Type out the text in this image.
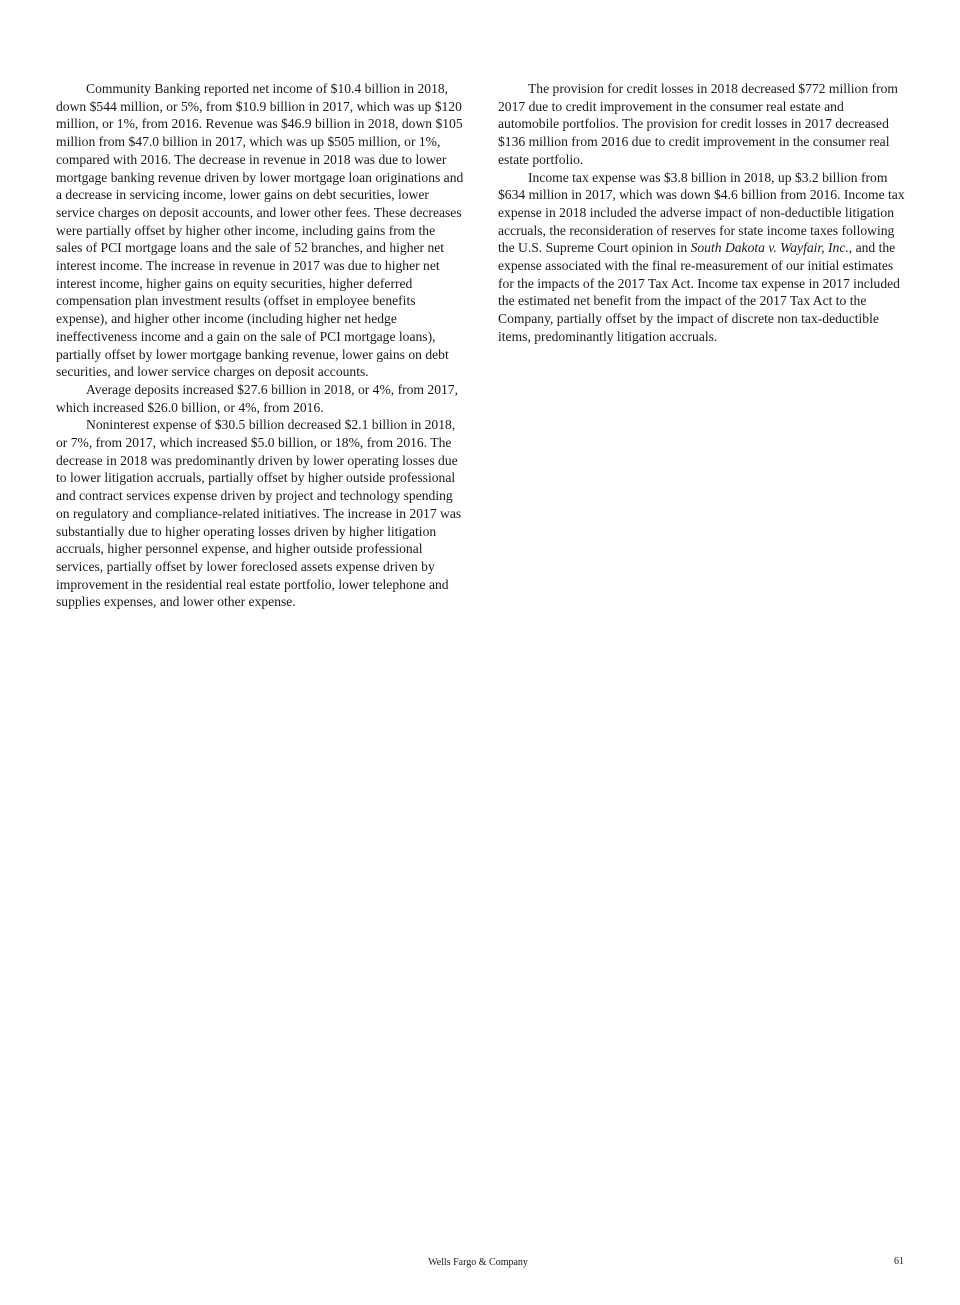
Community Banking reported net income of $10.4 billion in 2018, down $544 million, or 5%, from $10.9 billion in 2017, which was up $120 million, or 1%, from 2016. Revenue was $46.9 billion in 2018, down $105 million from $47.0 billion in 2017, which was up $505 million, or 1%, compared with 2016. The decrease in revenue in 2018 was due to lower mortgage banking revenue driven by lower mortgage loan originations and a decrease in servicing income, lower gains on debt securities, lower service charges on deposit accounts, and lower other fees. These decreases were partially offset by higher other income, including gains from the sales of PCI mortgage loans and the sale of 52 branches, and higher net interest income. The increase in revenue in 2017 was due to higher net interest income, higher gains on equity securities, higher deferred compensation plan investment results (offset in employee benefits expense), and higher other income (including higher net hedge ineffectiveness income and a gain on the sale of PCI mortgage loans), partially offset by lower mortgage banking revenue, lower gains on debt securities, and lower service charges on deposit accounts.

Average deposits increased $27.6 billion in 2018, or 4%, from 2017, which increased $26.0 billion, or 4%, from 2016.

Noninterest expense of $30.5 billion decreased $2.1 billion in 2018, or 7%, from 2017, which increased $5.0 billion, or 18%, from 2016. The decrease in 2018 was predominantly driven by lower operating losses due to lower litigation accruals, partially offset by higher outside professional and contract services expense driven by project and technology spending on regulatory and compliance-related initiatives. The increase in 2017 was substantially due to higher operating losses driven by higher litigation accruals, higher personnel expense, and higher outside professional services, partially offset by lower foreclosed assets expense driven by improvement in the residential real estate portfolio, lower telephone and supplies expenses, and lower other expense.

The provision for credit losses in 2018 decreased $772 million from 2017 due to credit improvement in the consumer real estate and automobile portfolios. The provision for credit losses in 2017 decreased $136 million from 2016 due to credit improvement in the consumer real estate portfolio.

Income tax expense was $3.8 billion in 2018, up $3.2 billion from $634 million in 2017, which was down $4.6 billion from 2016. Income tax expense in 2018 included the adverse impact of non-deductible litigation accruals, the reconsideration of reserves for state income taxes following the U.S. Supreme Court opinion in South Dakota v. Wayfair, Inc., and the expense associated with the final re-measurement of our initial estimates for the impacts of the 2017 Tax Act. Income tax expense in 2017 included the estimated net benefit from the impact of the 2017 Tax Act to the Company, partially offset by the impact of discrete non tax-deductible items, predominantly litigation accruals.

Wells Fargo & Company	61
